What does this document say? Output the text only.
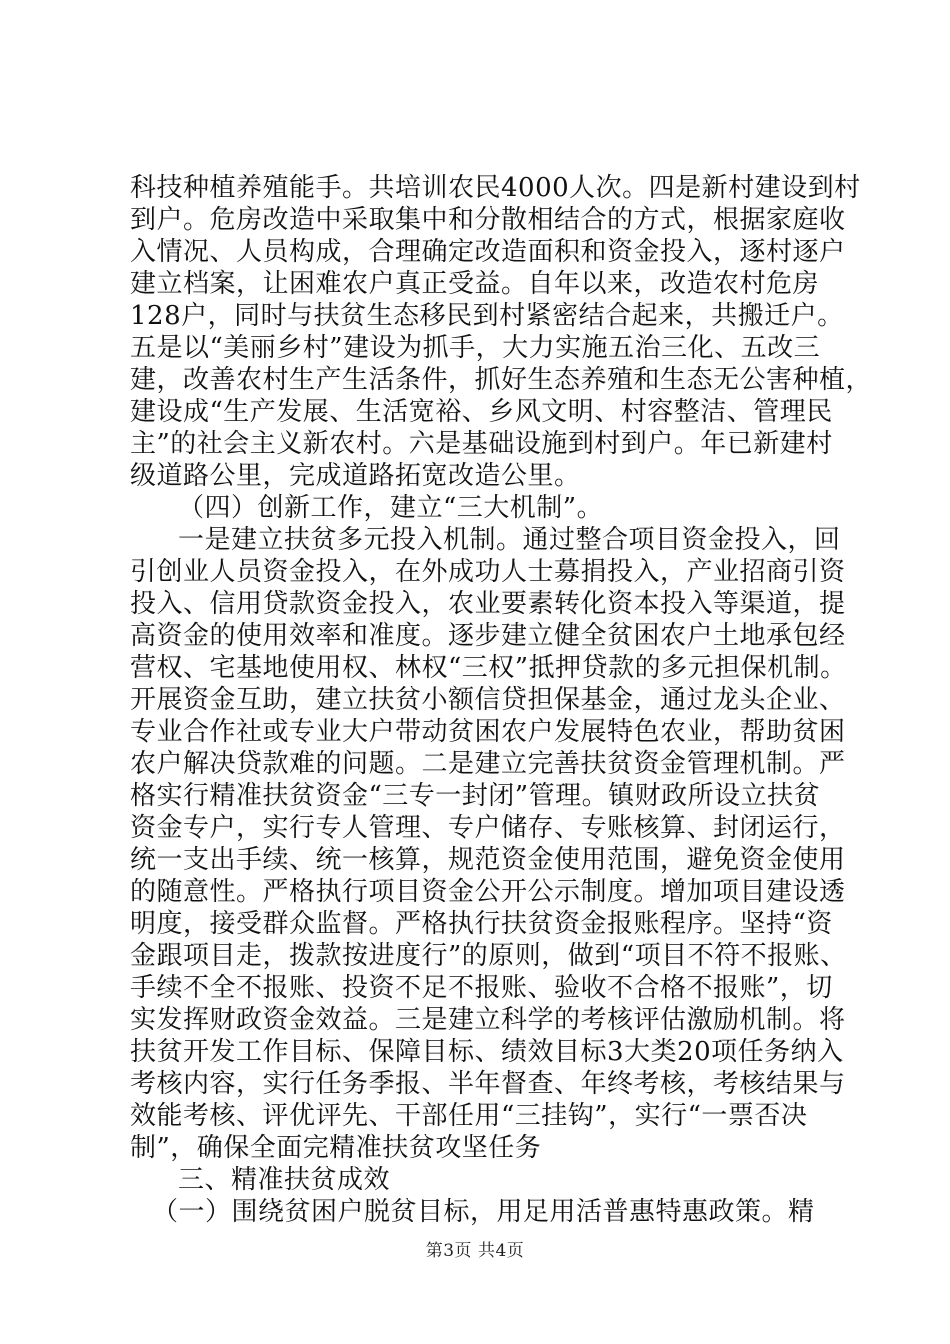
科技种植养殖能手。共培训农民4000人次。四是新村建设到村
到户。危房改造中采取集中和分散相结合的方式，根据家庭收
入情况、人员构成，合理确定改造面积和资金投入，逐村逐户
建立档案，让困难农户真正受益。自年以来，改造农村危房
128户，同时与扶贫生态移民到村紧密结合起来，共搬迁户。
五是以“美丽乡村”建设为抓手，大力实施五治三化、五改三
建，改善农村生产生活条件，抓好生态养殖和生态无公害种植，
建设成“生产发展、生活宽裕、乡风文明、村容整洁、管理民
主”的社会主义新农村。六是基础设施到村到户。年已新建村
级道路公里，完成道路拓宽改造公里。
（四）创新工作，建立“三大机制”。
一是建立扶贫多元投入机制。通过整合项目资金投入，回
引创业人员资金投入，在外成功人士募捐投入，产业招商引资
投入、信用贷款资金投入，农业要素转化资本投入等渠道，提
高资金的使用效率和准度。逐步建立健全贫困农户土地承包经
营权、宅基地使用权、林权“三权”抵押贷款的多元担保机制。
开展资金互助，建立扶贫小额信贷担保基金，通过龙头企业、
专业合作社或专业大户带动贫困农户发展特色农业，帮助贫困
农户解决贷款难的问题。二是建立完善扶贫资金管理机制。严
格实行精准扶贫资金“三专一封闭”管理。镇财政所设立扶贫
资金专户，实行专人管理、专户储存、专账核算、封闭运行，
统一支出手续、统一核算，规范资金使用范围，避免资金使用
的随意性。严格执行项目资金公开公示制度。增加项目建设透
明度，接受群众监督。严格执行扶贫资金报账程序。坚持“资
金跟项目走，拨款按进度行”的原则，做到“项目不符不报账、
手续不全不报账、投资不足不报账、验收不合格不报账”，切
实发挥财政资金效益。三是建立科学的考核评估激励机制。将
扶贫开发工作目标、保障目标、绩效目标3大类20项任务纳入
考核内容，实行任务季报、半年督查、年终考核，考核结果与
效能考核、评优评先、干部任用“三挂钩”，实行“一票否决
制”，确保全面完精准扶贫攻坚任务
三、精准扶贫成效
（一）围绕贫困户脱贫目标，用足用活普惠特惠政策。精
第3页 共4页
